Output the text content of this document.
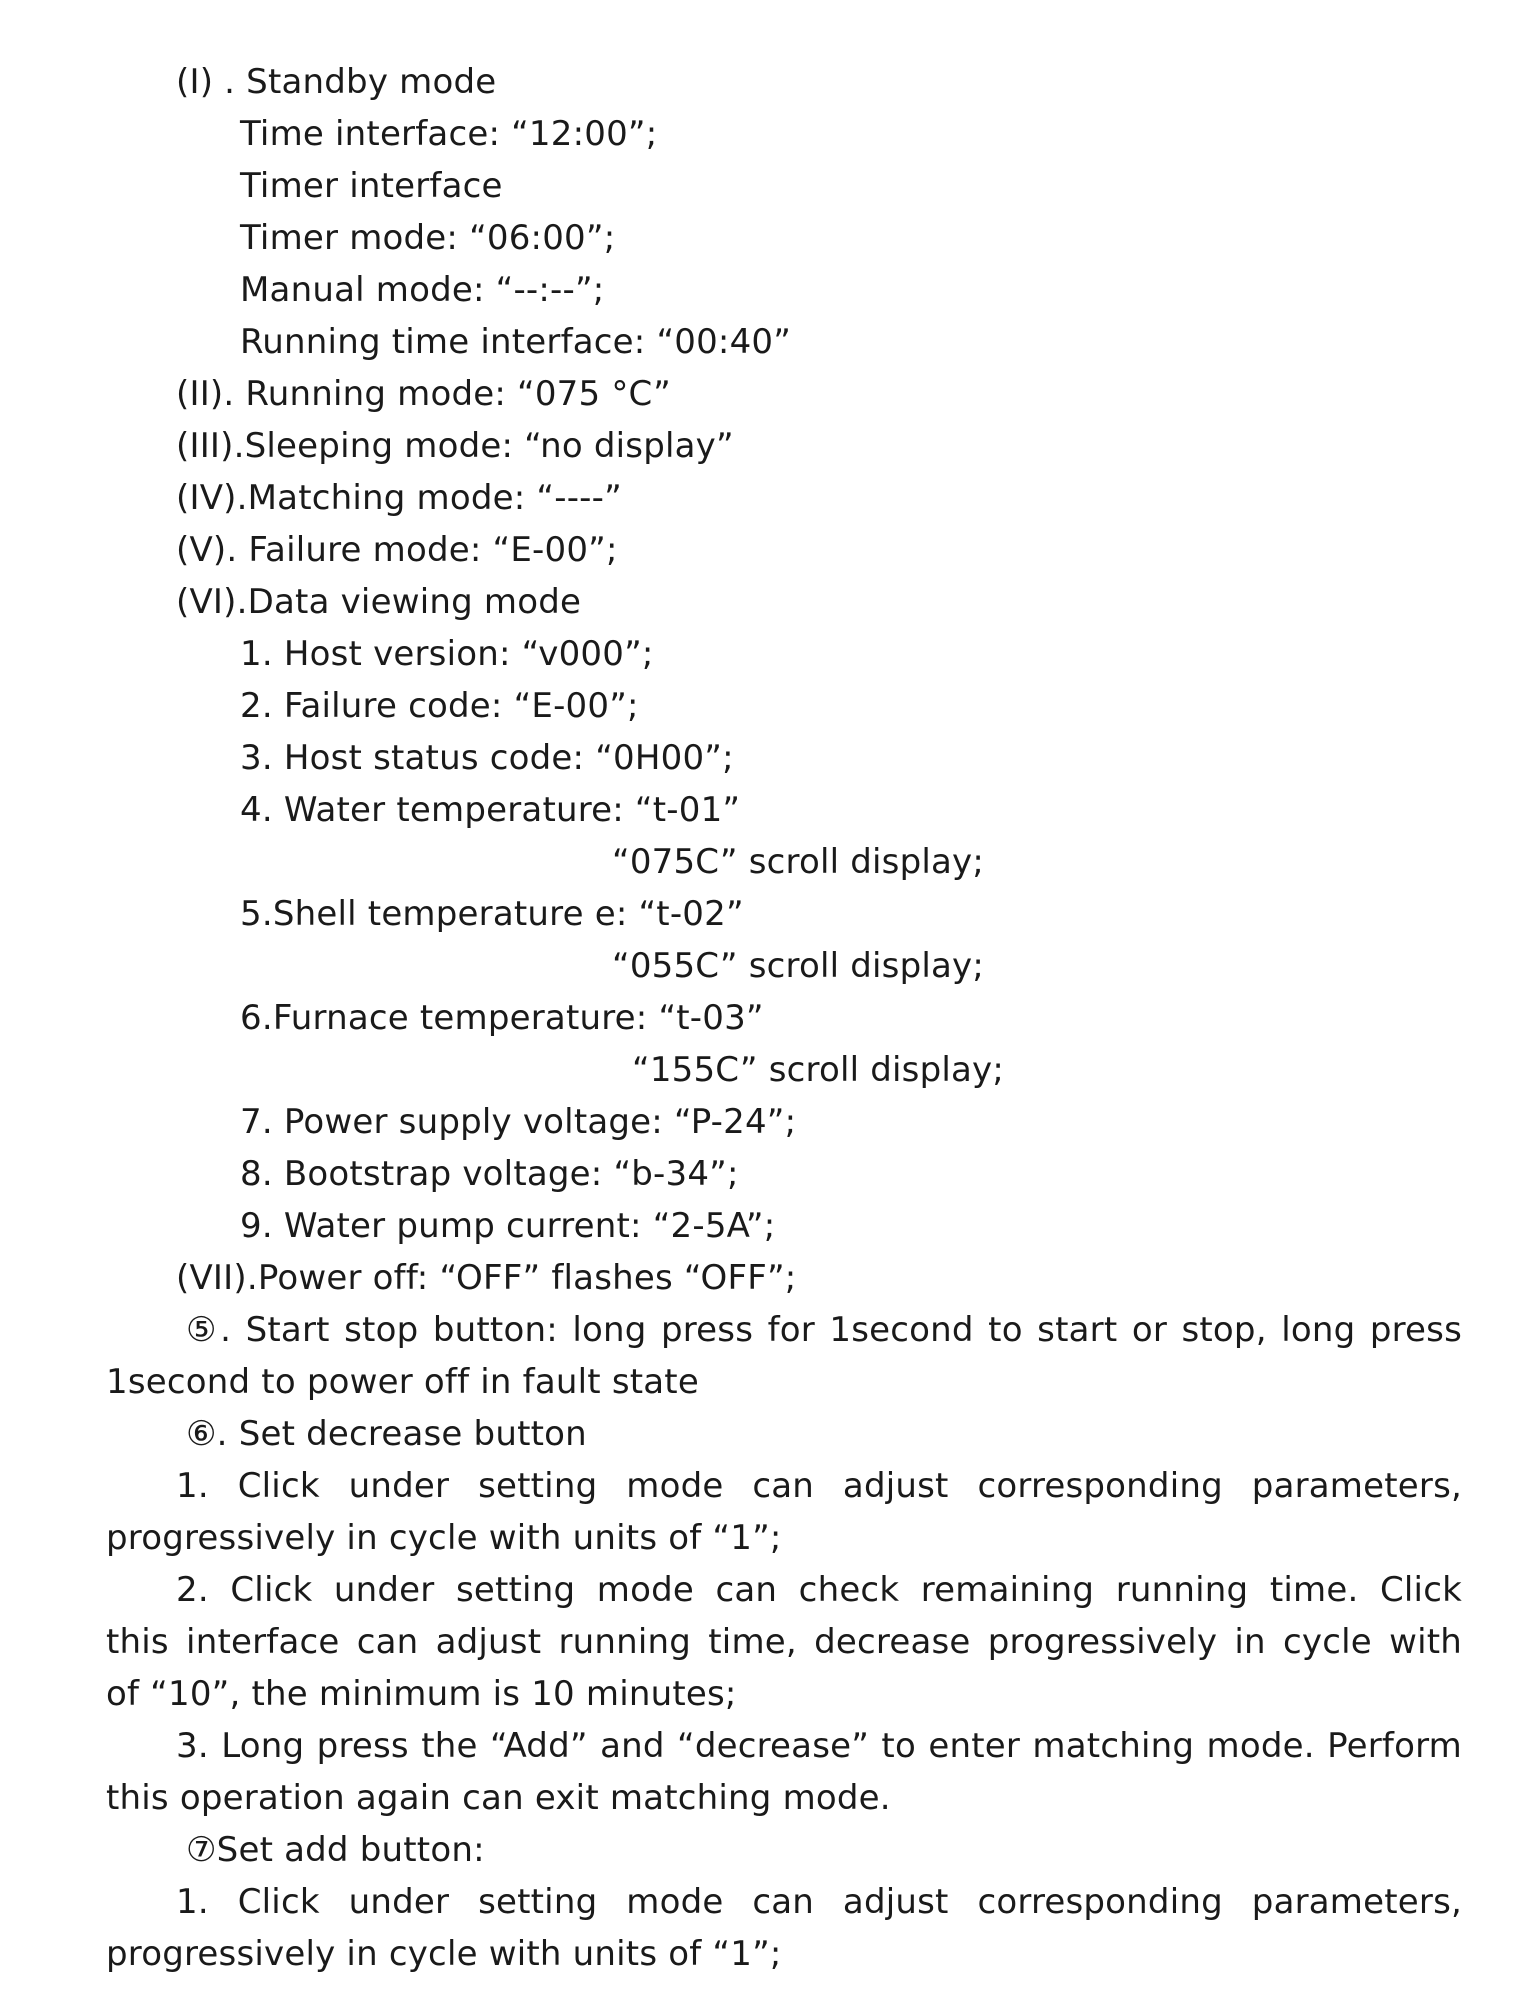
(I) . Standby mode
Time interface: “12:00”;
Timer interface
Timer mode: “06:00”;
Manual mode: “--:--”;
Running time interface: “00:40”
(II). Running mode: “075 °C”
(III).Sleeping mode: “no display”
(IV).Matching mode: “----”
(V). Failure mode: “E-00”;
(VI).Data viewing mode
1. Host version: “v000”;
2. Failure code: “E-00”;
3. Host status code: “0H00”;
4. Water temperature: “t-01”
“075C” scroll display;
5.Shell temperature e: “t-02”
“055C” scroll display;
6.Furnace temperature: “t-03”
“155C” scroll display;
7. Power supply voltage: “P-24”;
8. Bootstrap voltage: “b-34”;
9. Water pump current: “2-5A”;
(VII).Power off: “OFF” flashes “OFF”;
⑤. Start stop button: long press for 1second to start or stop, long press
1second to power off in fault state
⑥. Set decrease button
1. Click under setting mode can adjust corresponding parameters,
progressively in cycle with units of “1”;
2. Click under setting mode can check remaining running time. Click
this interface can adjust running time, decrease progressively in cycle with
of “10”, the minimum is 10 minutes;
3. Long press the “Add” and “decrease” to enter matching mode. Perform
this operation again can exit matching mode.
⑦Set add button:
1. Click under setting mode can adjust corresponding parameters,
progressively in cycle with units of “1”;
